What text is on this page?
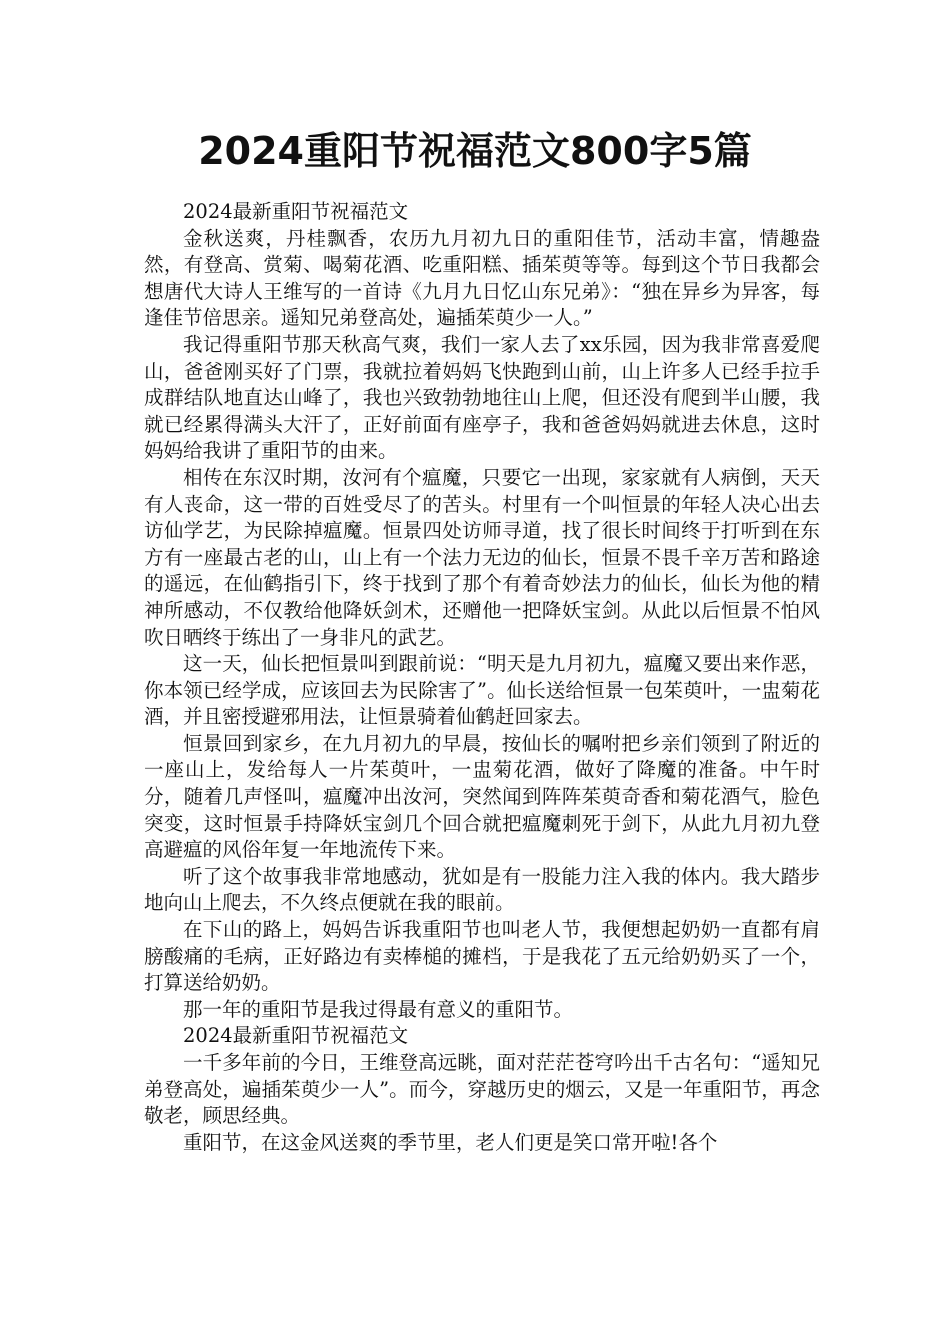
2024重阳节祝福范文800字5篇

2024最新重阳节祝福范文

金秋送爽，丹桂飘香，农历九月初九日的重阳佳节，活动丰富，情趣盎然，有登高、赏菊、喝菊花酒、吃重阳糕、插茱萸等等。每到这个节日我都会想唐代大诗人王维写的一首诗《九月九日忆山东兄弟》：“独在异乡为异客，每逢佳节倍思亲。遥知兄弟登高处，遍插茱萸少一人。”

我记得重阳节那天秋高气爽，我们一家人去了xx乐园，因为我非常喜爱爬山，爸爸刚买好了门票，我就拉着妈妈飞快跑到山前，山上许多人已经手拉手成群结队地直达山峰了，我也兴致勃勃地往山上爬，但还没有爬到半山腰，我就已经累得满头大汗了，正好前面有座亭子，我和爸爸妈妈就进去休息，这时妈妈给我讲了重阳节的由来。

相传在东汉时期，汝河有个瘟魔，只要它一出现，家家就有人病倒，天天有人丧命，这一带的百姓受尽了的苦头。村里有一个叫恒景的年轻人决心出去访仙学艺，为民除掉瘟魔。恒景四处访师寻道，找了很长时间终于打听到在东方有一座最古老的山，山上有一个法力无边的仙长，恒景不畏千辛万苦和路途的遥远，在仙鹤指引下，终于找到了那个有着奇妙法力的仙长，仙长为他的精神所感动，不仅教给他降妖剑术，还赠他一把降妖宝剑。从此以后恒景不怕风吹日晒终于练出了一身非凡的武艺。

这一天，仙长把恒景叫到跟前说：“明天是九月初九，瘟魔又要出来作恶，你本领已经学成，应该回去为民除害了”。仙长送给恒景一包茱萸叶，一盅菊花酒，并且密授避邪用法，让恒景骑着仙鹤赶回家去。

恒景回到家乡，在九月初九的早晨，按仙长的嘱咐把乡亲们领到了附近的一座山上，发给每人一片茱萸叶，一盅菊花酒，做好了降魔的准备。中午时分，随着几声怪叫，瘟魔冲出汝河，突然闻到阵阵茱萸奇香和菊花酒气，脸色突变，这时恒景手持降妖宝剑几个回合就把瘟魔刺死于剑下，从此九月初九登高避瘟的风俗年复一年地流传下来。

听了这个故事我非常地感动，犹如是有一股能力注入我的体内。我大踏步地向山上爬去，不久终点便就在我的眼前。

在下山的路上，妈妈告诉我重阳节也叫老人节，我便想起奶奶一直都有肩膀酸痛的毛病，正好路边有卖棒槌的摊档，于是我花了五元给奶奶买了一个，打算送给奶奶。

那一年的重阳节是我过得最有意义的重阳节。

2024最新重阳节祝福范文

一千多年前的今日，王维登高远眺，面对茫茫苍穹吟出千古名句：“遥知兄弟登高处，遍插茱萸少一人”。而今，穿越历史的烟云，又是一年重阳节，再念敬老，顾思经典。

重阳节，在这金风送爽的季节里，老人们更是笑口常开啦!各个
